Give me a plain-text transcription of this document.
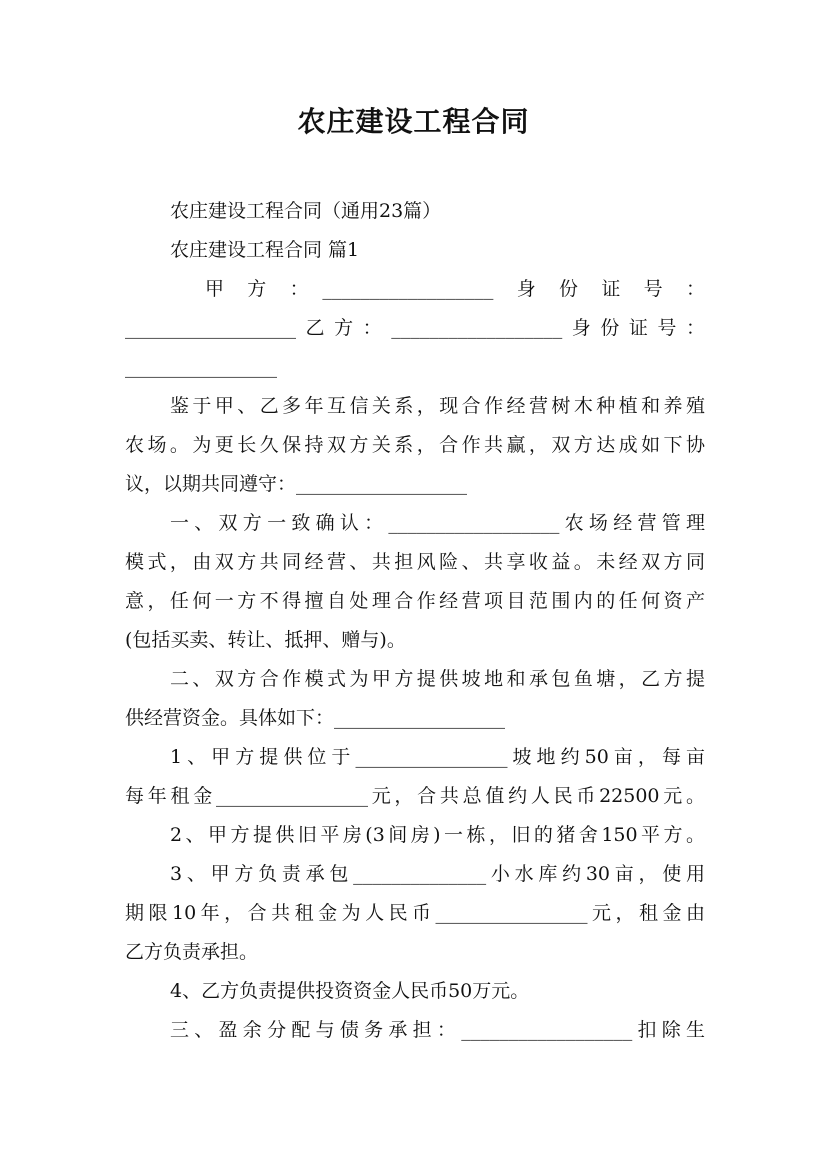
农庄建设工程合同
农庄建设工程合同（通用23篇）
农庄建设工程合同 篇1
甲　方　：　__________________　身　份　证　号　：
__________________乙方：__________________身份证号：
________________
鉴于甲、乙多年互信关系，现合作经营树木种植和养殖
农场。为更长久保持双方关系，合作共赢，双方达成如下协
议，以期共同遵守：__________________
一、双方一致确认：__________________农场经营管理
模式，由双方共同经营、共担风险、共享收益。未经双方同
意，任何一方不得擅自处理合作经营项目范围内的任何资产
(包括买卖、转让、抵押、赠与)。
二、双方合作模式为甲方提供坡地和承包鱼塘，乙方提
供经营资金。具体如下：__________________
1、甲方提供位于________________坡地约50亩，每亩
每年租金________________元，合共总值约人民币22500元。
2、甲方提供旧平房(3间房)一栋，旧的猪舍150平方。
3、甲方负责承包______________小水库约30亩，使用
期限10年，合共租金为人民币________________元，租金由
乙方负责承担。
4、乙方负责提供投资资金人民币50万元。
三、盈余分配与债务承担：__________________扣除生
